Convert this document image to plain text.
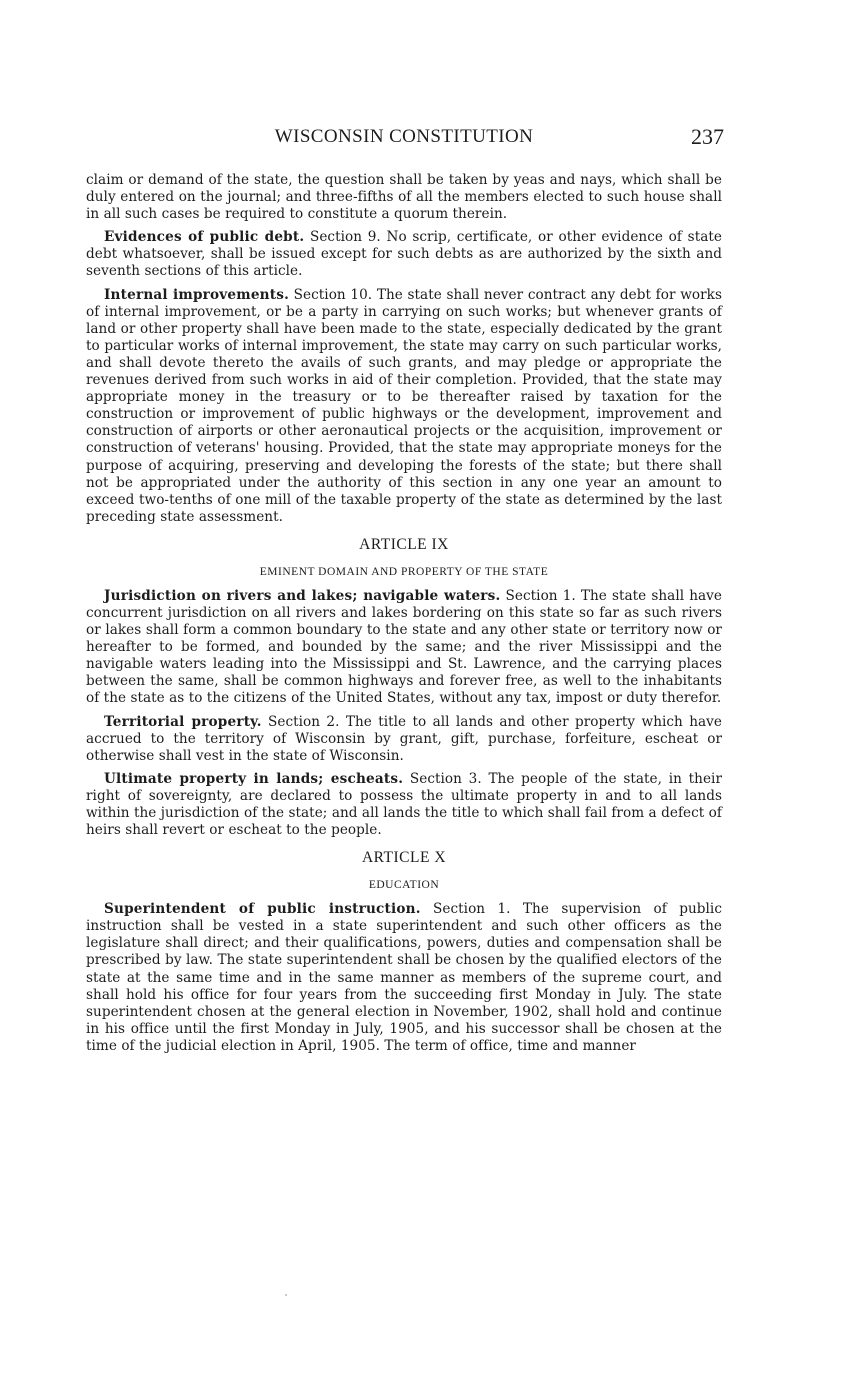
WISCONSIN CONSTITUTION	237

claim or demand of the state, the question shall be taken by yeas and nays, which shall be duly entered on the journal; and three-fifths of all the members elected to such house shall in all such cases be required to constitute a quorum therein.

Evidences of public debt. Section 9. No scrip, certificate, or other evidence of state debt whatsoever, shall be issued except for such debts as are authorized by the sixth and seventh sections of this article.

Internal improvements. Section 10. The state shall never contract any debt for works of internal improvement, or be a party in carrying on such works; but whenever grants of land or other property shall have been made to the state, especially dedicated by the grant to particular works of internal improvement, the state may carry on such particular works, and shall devote thereto the avails of such grants, and may pledge or appropriate the revenues derived from such works in aid of their completion. Provided, that the state may appropriate money in the treasury or to be thereafter raised by taxation for the construction or improvement of public highways or the development, improvement and construction of airports or other aeronautical projects or the acquisition, improvement or construction of veterans' housing. Provided, that the state may appropriate moneys for the purpose of acquiring, preserving and developing the forests of the state; but there shall not be appropriated under the authority of this section in any one year an amount to exceed two-tenths of one mill of the taxable property of the state as determined by the last preceding state assessment.

ARTICLE IX
EMINENT DOMAIN AND PROPERTY OF THE STATE

Jurisdiction on rivers and lakes; navigable waters. Section 1. The state shall have concurrent jurisdiction on all rivers and lakes bordering on this state so far as such rivers or lakes shall form a common boundary to the state and any other state or territory now or hereafter to be formed, and bounded by the same; and the river Mississippi and the navigable waters leading into the Mississippi and St. Lawrence, and the carrying places between the same, shall be common highways and forever free, as well to the inhabitants of the state as to the citizens of the United States, without any tax, impost or duty therefor.

Territorial property. Section 2. The title to all lands and other property which have accrued to the territory of Wisconsin by grant, gift, purchase, forfeiture, escheat or otherwise shall vest in the state of Wisconsin.

Ultimate property in lands; escheats. Section 3. The people of the state, in their right of sovereignty, are declared to possess the ultimate property in and to all lands within the jurisdiction of the state; and all lands the title to which shall fail from a defect of heirs shall revert or escheat to the people.

ARTICLE X
EDUCATION

Superintendent of public instruction. Section 1. The supervision of public instruction shall be vested in a state superintendent and such other officers as the legislature shall direct; and their qualifications, powers, duties and compensation shall be prescribed by law. The state superintendent shall be chosen by the qualified electors of the state at the same time and in the same manner as members of the supreme court, and shall hold his office for four years from the succeeding first Monday in July. The state superintendent chosen at the general election in November, 1902, shall hold and continue in his office until the first Monday in July, 1905, and his successor shall be chosen at the time of the judicial election in April, 1905. The term of office, time and manner
